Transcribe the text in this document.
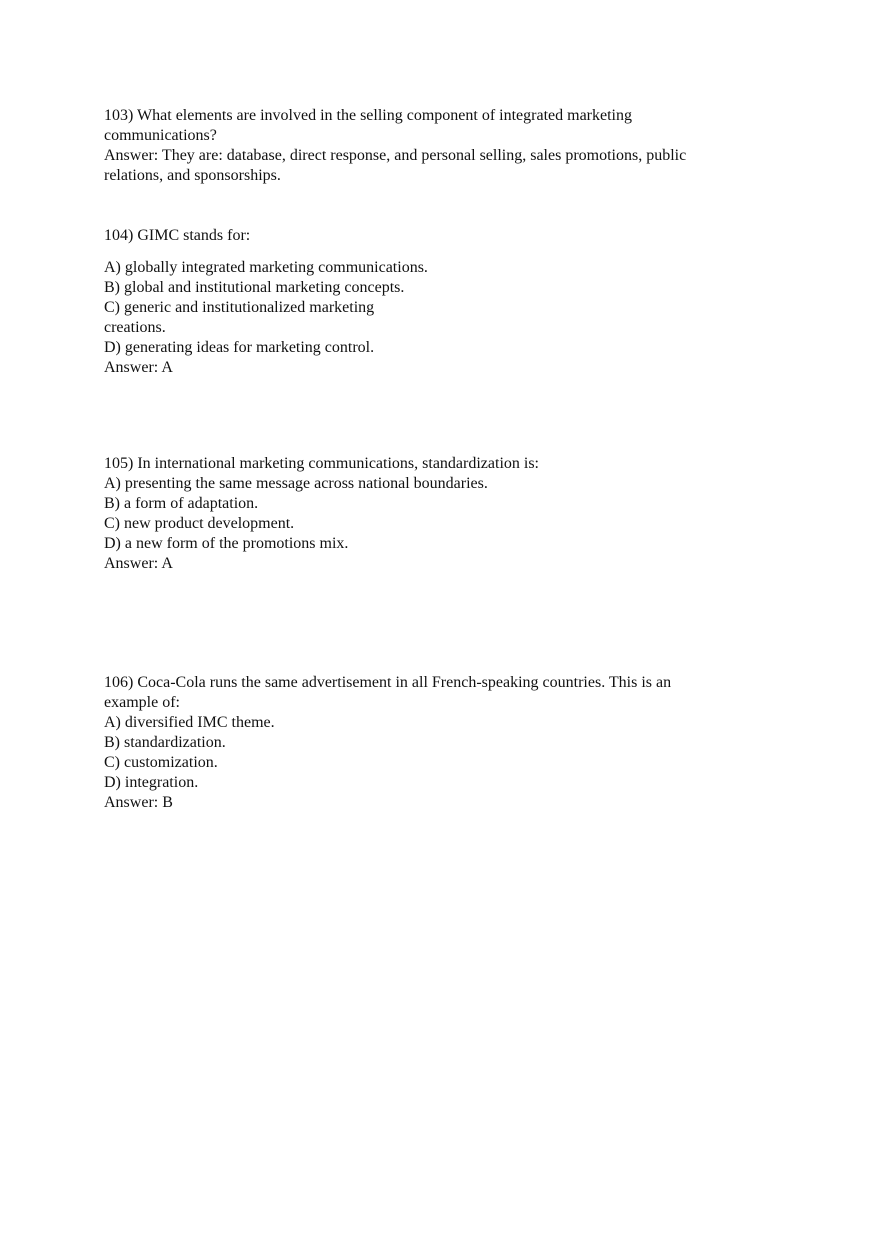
103) What elements are involved in the selling component of integrated marketing
communications?
Answer: They are: database, direct response, and personal selling, sales promotions, public
relations, and sponsorships.
104) GIMC stands for:
A) globally integrated marketing communications.
B) global and institutional marketing concepts.
C) generic and institutionalized marketing
creations.
D) generating ideas for marketing control.
Answer: A
105) In international marketing communications, standardization is:
A) presenting the same message across national boundaries.
B) a form of adaptation.
C) new product development.
D) a new form of the promotions mix.
Answer: A
106) Coca-Cola runs the same advertisement in all French-speaking countries. This is an
example of:
A) diversified IMC theme.
B) standardization.
C) customization.
D) integration.
Answer: B
